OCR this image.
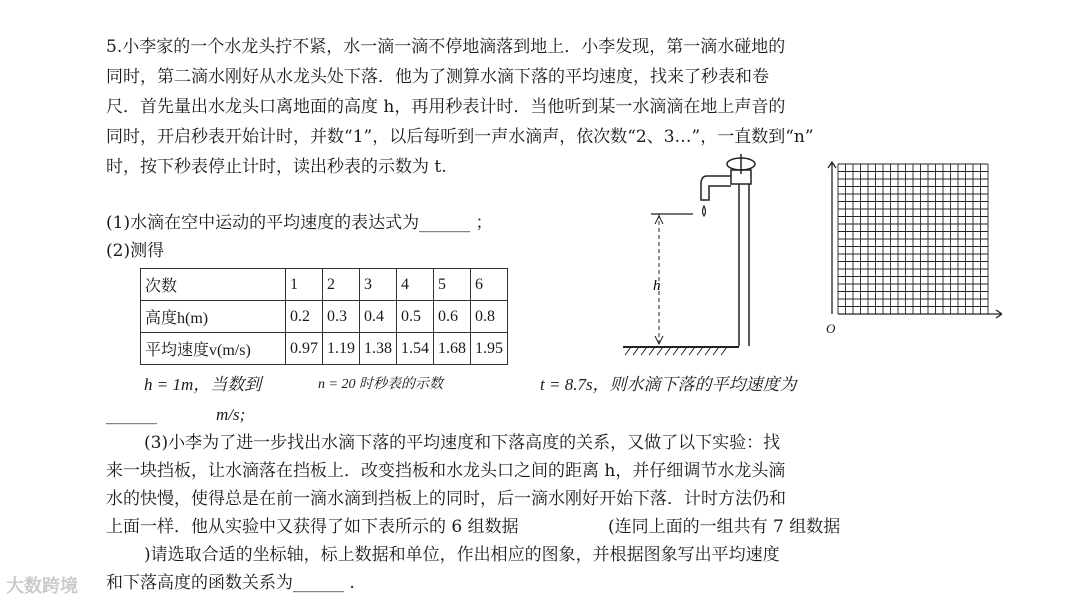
5.小李家的一个水龙头拧不紧，水一滴一滴不停地滴落到地上．小李发现，第一滴水碰地的
同时，第二滴水刚好从水龙头处下落．他为了测算水滴下落的平均速度，找来了秒表和卷
尺．首先量出水龙头口离地面的高度 h，再用秒表计时．当他听到某一水滴滴在地上声音的
同时，开启秒表开始计时，并数“1”，以后每听到一声水滴声，依次数“2、3…”，一直数到“n”
时，按下秒表停止计时，读出秒表的示数为 t.
(1)水滴在空中运动的平均速度的表达式为______ ；
(2)测得
次数	1	2	3	4	5	6
高度h(m)	0.2	0.3	0.4	0.5	0.6	0.8
平均速度v(m/s)	0.97	1.19	1.38	1.54	1.68	1.95
h = 1m，当数到	n = 20 时秒表的示数	t = 8.7s，则水滴下落的平均速度为
______	m/s;
(3)小李为了进一步找出水滴下落的平均速度和下落高度的关系，又做了以下实验：找
来一块挡板，让水滴落在挡板上．改变挡板和水龙头口之间的距离 h，并仔细调节水龙头滴
水的快慢，使得总是在前一滴水滴到挡板上的同时，后一滴水刚好开始下落．计时方法仍和
上面一样．他从实验中又获得了如下表所示的 6 组数据	(连同上面的一组共有 7 组数据
)请选取合适的坐标轴，标上数据和单位，作出相应的图象，并根据图象写出平均速度
和下落高度的函数关系为______ .
h
O
大数跨境
